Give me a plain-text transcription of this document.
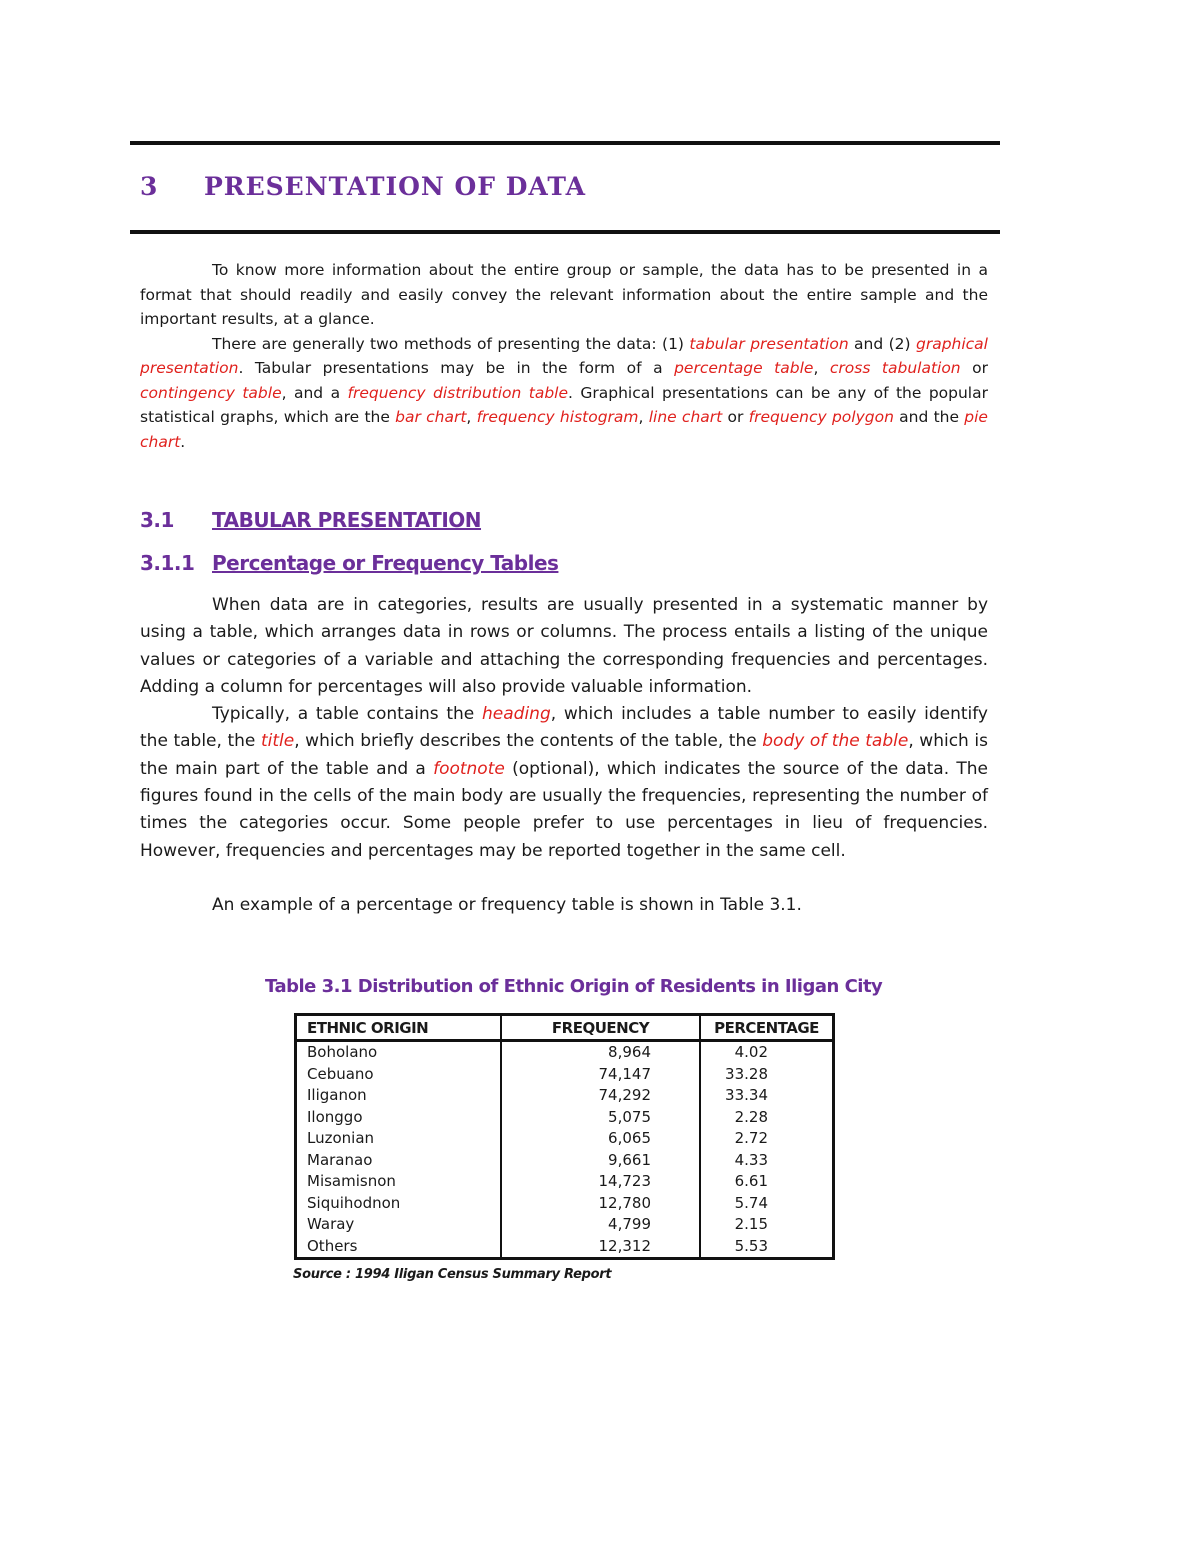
3 PRESENTATION OF DATA

To know more information about the entire group or sample, the data has to be presented in a format that should readily and easily convey the relevant information about the entire sample and the important results, at a glance.

There are generally two methods of presenting the data: (1) tabular presentation and (2) graphical presentation. Tabular presentations may be in the form of a percentage table, cross tabulation or contingency table, and a frequency distribution table. Graphical presentations can be any of the popular statistical graphs, which are the bar chart, frequency histogram, line chart or frequency polygon and the pie chart.

3.1 TABULAR PRESENTATION
3.1.1 Percentage or Frequency Tables

When data are in categories, results are usually presented in a systematic manner by using a table, which arranges data in rows or columns. The process entails a listing of the unique values or categories of a variable and attaching the corresponding frequencies and percentages. Adding a column for percentages will also provide valuable information.

Typically, a table contains the heading, which includes a table number to easily identify the table, the title, which briefly describes the contents of the table, the body of the table, which is the main part of the table and a footnote (optional), which indicates the source of the data. The figures found in the cells of the main body are usually the frequencies, representing the number of times the categories occur. Some people prefer to use percentages in lieu of frequencies. However, frequencies and percentages may be reported together in the same cell.

An example of a percentage or frequency table is shown in Table 3.1.

Table 3.1 Distribution of Ethnic Origin of Residents in Iligan City
ETHNIC ORIGIN	FREQUENCY	PERCENTAGE
Boholano	8,964	4.02
Cebuano	74,147	33.28
Iliganon	74,292	33.34
Ilonggo	5,075	2.28
Luzonian	6,065	2.72
Maranao	9,661	4.33
Misamisnon	14,723	6.61
Siquihodnon	12,780	5.74
Waray	4,799	2.15
Others	12,312	5.53
Source : 1994 Iligan Census Summary Report
